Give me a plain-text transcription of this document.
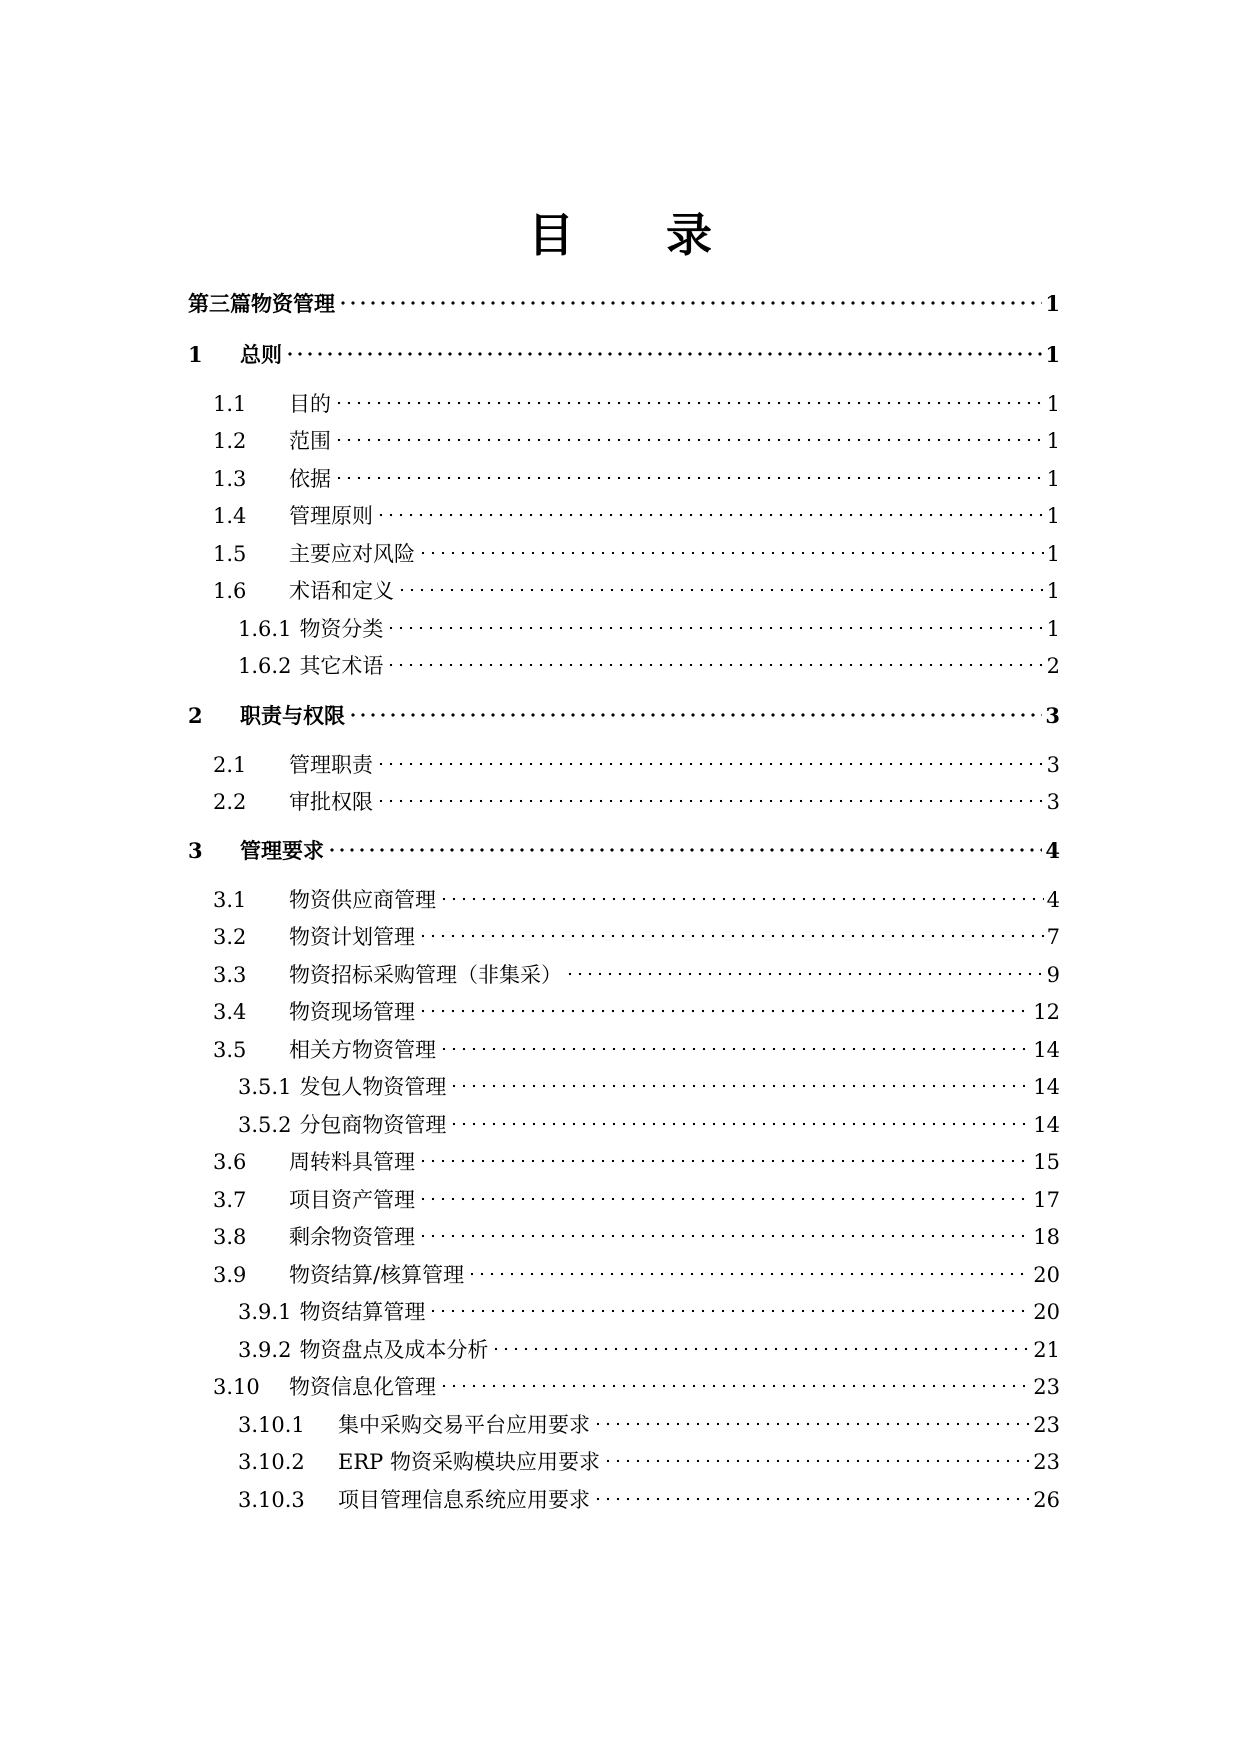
目 录
第三篇物资管理	1
1	总则	1
1.1	目的	1
1.2	范围	1
1.3	依据	1
1.4	管理原则	1
1.5	主要应对风险	1
1.6	术语和定义	1
1.6.1 物资分类	1
1.6.2 其它术语	2
2	职责与权限	3
2.1	管理职责	3
2.2	审批权限	3
3	管理要求	4
3.1	物资供应商管理	4
3.2	物资计划管理	7
3.3	物资招标采购管理（非集采）	9
3.4	物资现场管理	12
3.5	相关方物资管理	14
3.5.1 发包人物资管理	14
3.5.2 分包商物资管理	14
3.6	周转料具管理	15
3.7	项目资产管理	17
3.8	剩余物资管理	18
3.9	物资结算/核算管理	20
3.9.1 物资结算管理	20
3.9.2 物资盘点及成本分析	21
3.10	物资信息化管理	23
3.10.1	集中采购交易平台应用要求	23
3.10.2	ERP 物资采购模块应用要求	23
3.10.3	项目管理信息系统应用要求	26
